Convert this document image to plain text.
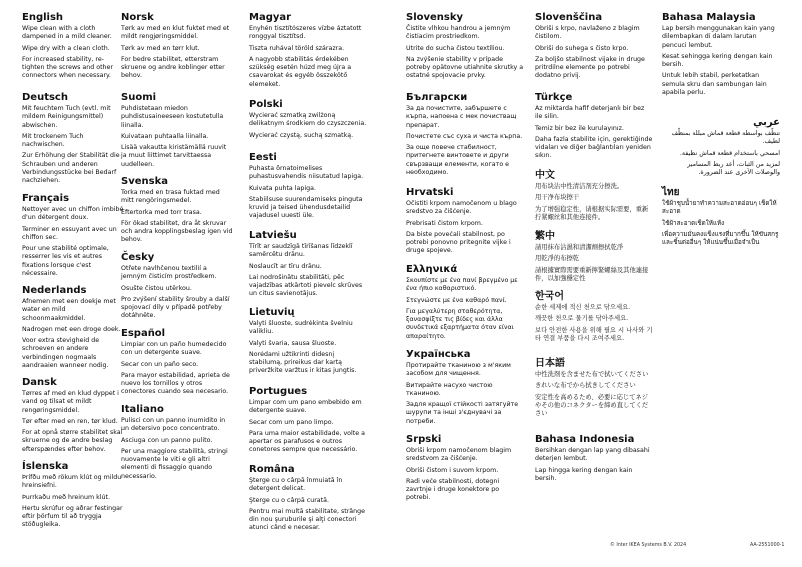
English

Wipe clean with a cloth dampened in a mild cleaner.

Wipe dry with a clean cloth.

For increased stability, re-tighten the screws and other connectors when necessary.

Deutsch

Mit feuchtem Tuch (evtl. mit mildem Reinigungsmittel) abwischen.

Mit trockenem Tuch nachwischen.

Zur Erhöhung der Stabilität die Schrauben und anderen Verbindungsstücke bei Bedarf nachziehen.

Français

Nettoyer avec un chiffon imbibé d'un détergent doux.

Terminer en essuyant avec un chiffon sec.

Pour une stabilité optimale, resserrer les vis et autres fixations lorsque c'est nécessaire.

Nederlands

Afnemen met een doekje met water en mild schoonmaakmiddel.

Nadrogen met een droge doek.

Voor extra stevigheid de schroeven en andere verbindingen nogmaals aandraaien wanneer nodig.

Dansk

Tørres af med en klud dyppet i vand og tilsat et mildt rengøringsmiddel.

Tør efter med en ren, tør klud.

For at opnå større stabilitet skal skruerne og de andre beslag efterspændes efter behov.

Íslenska

Þrífðu með rökum klút og mildu hreinsiefni.

Þurrkaðu með hreinum klút.

Hertu skrúfur og aðrar festingar eftir þörfum til að tryggja stöðugleika.

Norsk

Tørk av med en klut fuktet med et mildt rengjøringsmiddel.

Tørk av med en tørr klut.

For bedre stabilitet, etterstram skruene og andre koblinger etter behov.

Suomi

Puhdistetaan miedon puhdistusaineeseen kostutetulla liinalla.

Kuivataan puhtaalla liinalla.

Lisää vakautta kiristämällä ruuvit ja muut liittimet tarvittaessa uudelleen.

Svenska

Torka med en trasa fuktad med mitt rengöringsmedel.

Eftertorka med torr trasa.

För ökad stabilitet, dra åt skruvar och andra kopplingsbeslag igen vid behov.

Česky

Otřete navlhčenou textilií a jemným čisticím prostředkem.

Osušte čistou utěrkou.

Pro zvýšení stability šrouby a další spojovací díly v případě potřeby dotáhněte.

Español

Limpiar con un paño humedecido con un detergente suave.

Secar con un paño seco.

Para mayor estabilidad, aprieta de nuevo los tornillos y otros conectores cuando sea necesario.

Italiano

Pulisci con un panno inumidito in un detersivo poco concentrato.

Asciuga con un panno pulito.

Per una maggiore stabilità, stringi nuovamente le viti e gli altri elementi di fissaggio quando necessario.

Magyar

Enyhén tisztítószeres vízbe áztatott ronggyal tisztítsd.

Tiszta ruhával töröld szárazra.

A nagyobb stabilitás érdekében szükség esetén húzd meg újra a csavarokat és egyéb összekötő elemeket.

Polski

Wycierać szmatką zwilżoną delikatnym środkiem do czyszczenia.

Wycierać czystą, suchą szmatką.

Eesti

Puhasta õrnatoimelises puhastusvahendis niisutatud lapiga.

Kuivata puhta lapiga.

Stabiilsuse suurendamiseks pinguta kruvid ja teised ühendusdetailid vajadusel uuesti üle.

Latviešu

Tīrīt ar saudzīgā tīrīšanas līdzeklī samērcētu drānu.

Noslaucīt ar tīru drānu.

Lai nodrošinātu stabilitāti, pēc vajadzības atkārtoti pievelc skrūves un citus savienotājus.

Lietuvių

Valyti šluoste, sudrėkinta švelniu valikliu.

Valyti švaria, sausa šluoste.

Norėdami užtikrinti didesnį stabilumą, prireikus dar kartą priveržkite varžtus ir kitas jungtis.

Portugues

Limpar com um pano embebido em detergente suave.

Secar com um pano limpo.

Para uma maior estabilidade, volte a apertar os parafusos e outros conetores sempre que necessário.

Româna

Şterge cu o cârpă înmuiată în detergent delicat.

Şterge cu o cârpă curată.

Pentru mai multă stabilitate, strânge din nou şuruburile şi alţi conectori atunci când e necesar.

Slovensky

Čistite vlhkou handrou a jemným čistiacim prostriedkom.

Utrite do sucha čistou textíliou.

Na zvýšenie stability v prípade potreby opätovne utiahnite skrutky a ostatné spojovacie prvky.

Български

За да почистите, забършете с кърпа, напоена с мек почистващ препарат.

Почистете със суха и чиста кърпа.

За още повече стабилност, притегнете винтовете и други свързващи елементи, когато е необходимо.

Hrvatski

Očistiti krpom namočenom u blago sredstvo za čišćenje.

Prebrisati čistom krpom.

Da biste povećali stabilnost, po potrebi ponovno pritegnite vijke i druge spojeve.

Ελληνικά

Σκουπίστε με ένα πανί βρεγμένο με ένα ήπιο καθαριστικό.

Στεγνώστε με ένα καθαρό πανί.

Για μεγαλύτερη σταθερότητα, ξανασφίξτε τις βίδες και άλλα συνδετικά εξαρτήματα όταν είναι απαραίτητο.

Українська

Протирайте тканиною з м'яким засобом для чищення.

Витирайте насухо чистою тканиною.

Задля кращої стійкості затягуйте шурупи та інші з'єднувачі за потреби.

Srpski

Obriši krpom namočenom blagim sredstvom za čišćenje.

Obriši čistom i suvom krpom.

Radi veće stabilnosti, dotegni zavrtnje i druge konektore po potrebi.

Slovenščina

Obriši s krpo, navlaženo z blagim čistilom.

Obriši do suhega s čisto krpo.

Za boljšo stabilnost vijake in druge pritrdilne elemente po potrebi dodatno privij.

Türkçe

Az miktarda hafif deterjanlı bir bez ile silin.

Temiz bir bez ile kurulayınız.

Daha fazla stabilite için, gerektiğinde vidaları ve diğer bağlantıları yeniden sıkın.

中文

用布块沾中性清洁剂充分擦洗。

用干净布块擦干

为了增强稳定性，请根据实际需要，重新拧紧螺丝和其他连接件。

繁中

請用抹布沾濕和清潔劑擦拭乾淨

用乾淨的布擦乾

請根據實際需要重新擰緊螺絲及其他連接件，以加強穩定性

한국어

순한 세제에 적신 천으로 닦으세요.

깨끗한 천으로 물기를 닦아주세요.

보다 안전한 사용을 위해 필요 시 나사와 기타 연결 부품을 다시 조여주세요.

日本語

中性洗剤を含ませた布で拭いてください

きれいな布でから拭きしてください

安定性を高めるため、必要に応じてネジやその他のコネクターを締め直してください

Bahasa Indonesia

Bersihkan dengan lap yang dibasahi deterjen lembut.

Lap hingga kering dengan kain bersih.

Bahasa Malaysia

Lap bersih menggunakan kain yang dilembapkan di dalam larutan pencuci lembut.

Kesat sehingga kering dengan kain bersih.

Untuk lebih stabil, perketatkan semula skru dan sambungan lain apabila perlu.

عربي

تنظّف بواسطة قطعة قماش مبللة بمنظّف لطيف.

امسحي باستخدام قطعة قماش نظيفة.

لمزيد من الثبات، أعد ربط المسامير والوصلات الأخرى عند الضرورة.

ไทย

ใช้ผ้าชุบน้ำยาทำความสะอาดอ่อนๆ เช็ดให้สะอาด

ใช้ผ้าสะอาดเช็ดให้แห้ง

เพื่อความมั่นคงแข็งแรงที่มากขึ้น ให้ขันสกรูและชิ้นต่ออื่นๆ ให้แน่นขึ้นเมื่อจำเป็น

© Inter IKEA Systems B.V. 2024	AA-2551000-1
